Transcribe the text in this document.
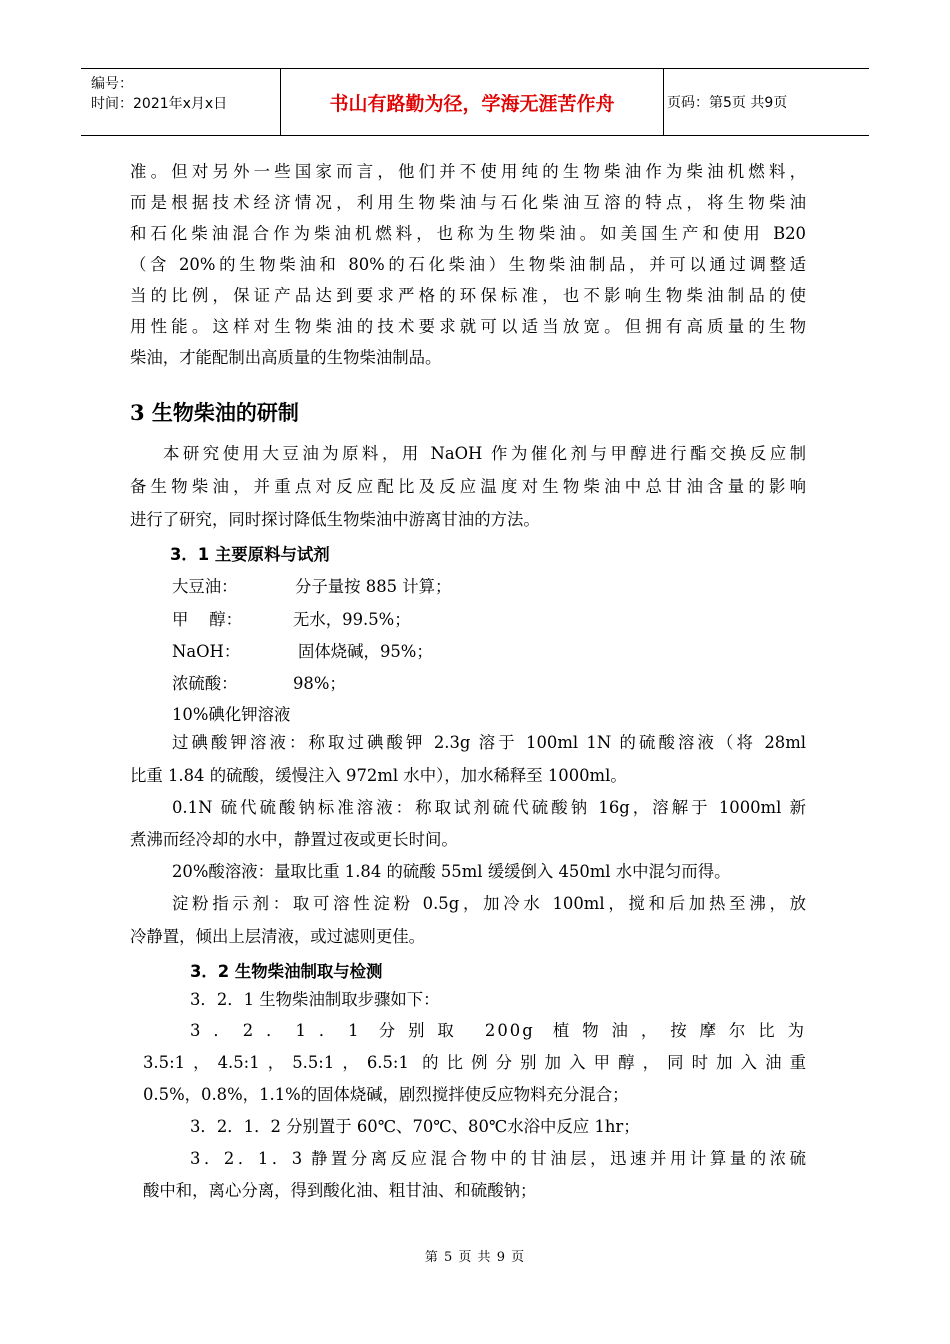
编号：
时间：2021年x月x日	书山有路勤为径，学海无涯苦作舟	页码：第5页 共9页
准。但对另外一些国家而言，他们并不使用纯的生物柴油作为柴油机燃料，
而是根据技术经济情况，利用生物柴油与石化柴油互溶的特点，将生物柴油
和石化柴油混合作为柴油机燃料，也称为生物柴油。如美国生产和使用 B20
（含 20%的生物柴油和 80%的石化柴油）生物柴油制品，并可以通过调整适
当的比例，保证产品达到要求严格的环保标准，也不影响生物柴油制品的使
用性能。这样对生物柴油的技术要求就可以适当放宽。但拥有高质量的生物
柴油，才能配制出高质量的生物柴油制品。
3 生物柴油的研制
本研究使用大豆油为原料，用 NaOH 作为催化剂与甲醇进行酯交换反应制
备生物柴油，并重点对反应配比及反应温度对生物柴油中总甘油含量的影响
进行了研究，同时探讨降低生物柴油中游离甘油的方法。
3．1 主要原料与试剂
大豆油：	分子量按 885 计算；
甲    醇：	无水，99.5%；
NaOH：	固体烧碱，95%；
浓硫酸：	98%；
10%碘化钾溶液
过碘酸钾溶液：称取过碘酸钾 2.3g 溶于 100ml 1N 的硫酸溶液（将 28ml
比重 1.84 的硫酸，缓慢注入 972ml 水中），加水稀释至 1000ml。
0.1N 硫代硫酸钠标准溶液：称取试剂硫代硫酸钠 16g，溶解于 1000ml 新
煮沸而经冷却的水中，静置过夜或更长时间。
20%酸溶液：量取比重 1.84 的硫酸 55ml 缓缓倒入 450ml 水中混匀而得。
淀粉指示剂：取可溶性淀粉 0.5g，加冷水 100ml，搅和后加热至沸，放
冷静置，倾出上层清液，或过滤则更佳。
3．2 生物柴油制取与检测
3．2．1 生物柴油制取步骤如下：
3．2．1．1 分别取 200g 植物油，按摩尔比为
3.5:1，4.5:1，5.5:1，6.5:1 的比例分别加入甲醇，同时加入油重
0.5%，0.8%，1.1%的固体烧碱，剧烈搅拌使反应物料充分混合；
3．2．1．2 分别置于 60℃、70℃、80℃水浴中反应 1hr；
3．2．1．3 静置分离反应混合物中的甘油层，迅速并用计算量的浓硫
酸中和，离心分离，得到酸化油、粗甘油、和硫酸钠；
第 5 页 共 9 页
